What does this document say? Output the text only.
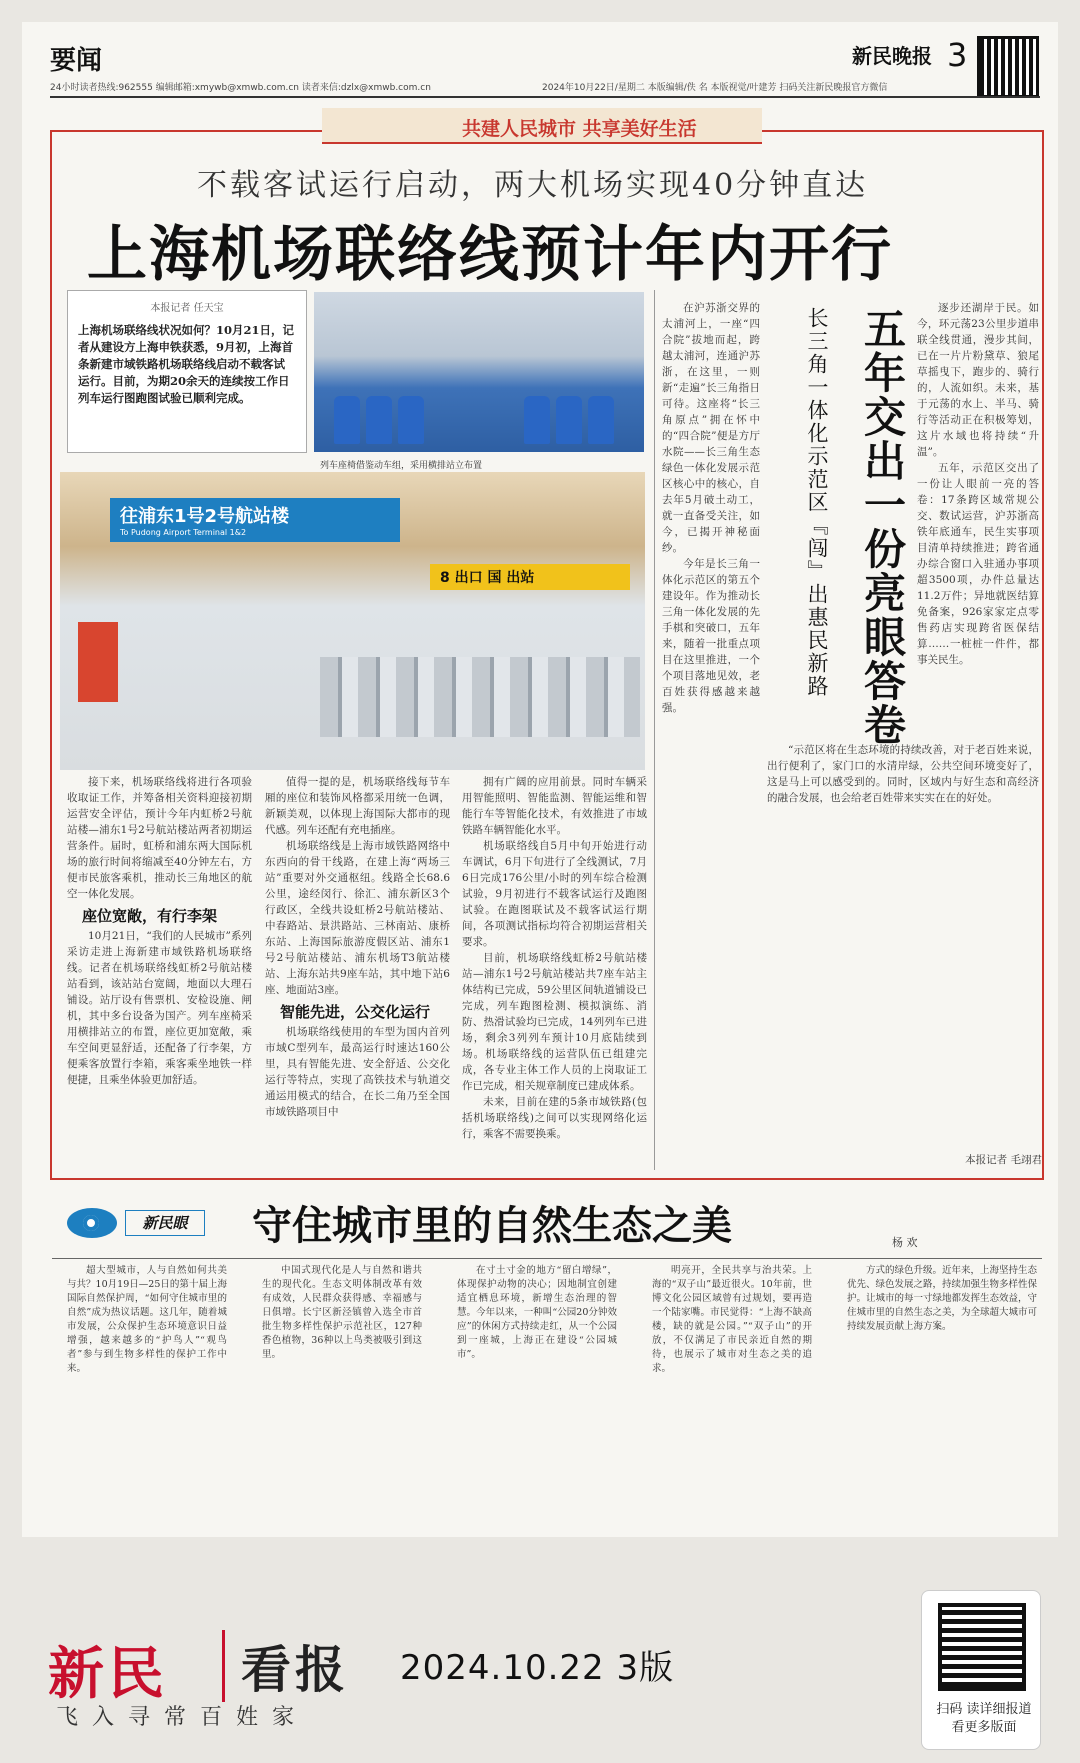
要闻
24小时读者热线:962555 编辑邮箱:xmywb@xmwb.com.cn 读者来信:dzlx@xmwb.com.cn	2024年10月22日/星期二 本版编辑/佚 名 本版视觉/叶建芳 扫码关注新民晚报官方微信
新民晚报 3
共建人民城市 共享美好生活
不载客试运行启动，两大机场实现40分钟直达
上海机场联络线预计年内开行
本报记者 任天宝
上海机场联络线状况如何？10月21日，记者从建设方上海申铁获悉，9月初，上海首条新建市域铁路机场联络线启动不载客试运行。目前，为期20余天的连续按工作日列车运行图跑图试验已顺利完成。
列车座椅借鉴动车组，采用横排站立布置
往浦东1号2号航站楼
To Pudong Airport Terminal 1&2
8 出口 国 出站

接下来，机场联络线将进行各项验收取证工作，并筹备相关资料迎接初期运营安全评估，预计今年内虹桥2号航站楼—浦东1号2号航站楼站两者初期运营条件。届时，虹桥和浦东两大国际机场的旅行时间将缩减至40分钟左右，方便市民旅客乘机，推动长三角地区的航空一体化发展。

座位宽敞，有行李架

10月21日，“我们的人民城市”系列采访走进上海新建市域铁路机场联络线。记者在机场联络线虹桥2号航站楼站看到，该站站台宽阔，地面以大理石铺设。站厅设有售票机、安检设施、闸机，其中多台设备为国产。列车座椅采用横排站立的布置，座位更加宽敞，乘车空间更显舒适，还配备了行李架，方便乘客放置行李箱，乘客乘坐地铁一样便捷，且乘坐体验更加舒适。

值得一提的是，机场联络线每节车厢的座位和装饰风格都采用统一色调，新颖美观，以体现上海国际大都市的现代感。列车还配有充电插座。

机场联络线是上海市域铁路网络中东西向的骨干线路，在建上海“两场三站”重要对外交通枢纽。线路全长68.6公里，途经闵行、徐汇、浦东新区3个行政区，全线共设虹桥2号航站楼站、中春路站、景洪路站、三林南站、康桥东站、上海国际旅游度假区站、浦东1号2号航站楼站、浦东机场T3航站楼站、上海东站共9座车站，其中地下站6座、地面站3座。

智能先进，公交化运行

机场联络线使用的车型为国内首列市域C型列车，最高运行时速达160公里，具有智能先进、安全舒适、公交化运行等特点，实现了高铁技术与轨道交通运用模式的结合，在长二角乃至全国市域铁路项目中

拥有广阔的应用前景。同时车辆采用智能照明、智能监测、智能运维和智能行车等智能化技术，有效推进了市域铁路车辆智能化水平。

机场联络线自5月中旬开始进行动车调试，6月下旬进行了全线测试，7月6日完成176公里/小时的列车综合检测试验，9月初进行不载客试运行及跑图试验。在跑图联试及不载客试运行期间，各项测试指标均符合初期运营相关要求。

目前，机场联络线虹桥2号航站楼站—浦东1号2号航站楼站共7座车站主体结构已完成，59公里区间轨道铺设已完成，列车跑图检测、模拟演练、消防、热滑试验均已完成，14列列车已进场，剩余3列列车预计10月底陆续到场。机场联络线的运营队伍已组建完成，各专业主体工作人员的上岗取证工作已完成，相关规章制度已建成体系。

未来，目前在建的5条市域铁路(包括机场联络线)之间可以实现网络化运行，乘客不需要换乘。

在沪苏浙交界的太浦河上，一座“四合院”拔地而起，跨越太浦河，连通沪苏浙，在这里，一则新“走遍”长三角指日可待。这座将“长三角原点”拥在怀中的“四合院”便是方厅水院——长三角生态绿色一体化发展示范区核心中的核心，自去年5月破土动工，就一直备受关注，如今，已揭开神秘面纱。

今年是长三角一体化示范区的第五个建设年。作为推动长三角一体化发展的先手棋和突破口，五年来，随着一批重点项目在这里推进，一个个项目落地见效，老百姓获得感越来越强。	五年交出一份亮眼答卷
长三角一体化示范区『闯』出惠民新路	逐步还湖岸于民。如今，环元荡23公里步道串联全线贯通，漫步其间，已在一片片粉黛草、狼尾草摇曳下，跑步的、骑行的，人流如织。未来，基于元荡的水上、半马、骑行等活动正在积极筹划，这片水域也将持续“升温”。

五年，示范区交出了一份让人眼前一亮的答卷：17条跨区域常规公交、数试运营，沪苏浙高铁年底通车，民生实事项目清单持续推进；跨省通办综合窗口入驻通办事项超3500项，办件总量达11.2万件；异地就医结算免备案，926家家定点零售药店实现跨省医保结算……一桩桩一件件，都事关民生。

“示范区将在生态环境的持续改善，对于老百姓来说，出行便利了，家门口的水清岸绿，公共空间环境变好了，这是马上可以感受到的。同时，区域内与好生态和高经济的融合发展，也会给老百姓带来实实在在的好处。

本报记者 毛翊君
新民眼	守住城市里的自然生态之美	杨 欢

超大型城市，人与自然如何共美与共？10月19日—25日的第十届上海国际自然保护周，“如何守住城市里的自然”成为热议话题。这几年，随着城市发展，公众保护生态环境意识日益增强，越来越多的“护鸟人”“观鸟者”参与到生物多样性的保护工作中来。

中国式现代化是人与自然和谐共生的现代化。生态文明体制改革有效有成效，人民群众获得感、幸福感与日俱增。长宁区新泾镇曾入选全市首批生物多样性保护示范社区，127种香色植物，36种以上鸟类被吸引到这里。

在寸土寸金的地方“留白增绿”，体现保护动物的决心；因地制宜创建适宜栖息环境，新增生态治理的智慧。今年以来，一种叫“公园20分钟效应”的休闲方式持续走红，从一个公园到一座城，上海正在建设“公园城市”。

明亮开，全民共享与治共荣。上海的“双子山”最近很火。10年前，世博文化公园区域曾有过规划，要再造一个陆家嘴。市民觉得：“上海不缺高楼，缺的就是公园。”“双子山”的开放，不仅满足了市民亲近自然的期待，也展示了城市对生态之美的追求。

方式的绿色升级。近年来，上海坚持生态优先、绿色发展之路，持续加强生物多样性保护。让城市的每一寸绿地都发挥生态效益，守住城市里的自然生态之美，为全球超大城市可持续发展贡献上海方案。

新民	看报
飞入寻常百姓家
2024.10.22 3版
扫码 读详细报道
看更多版面
